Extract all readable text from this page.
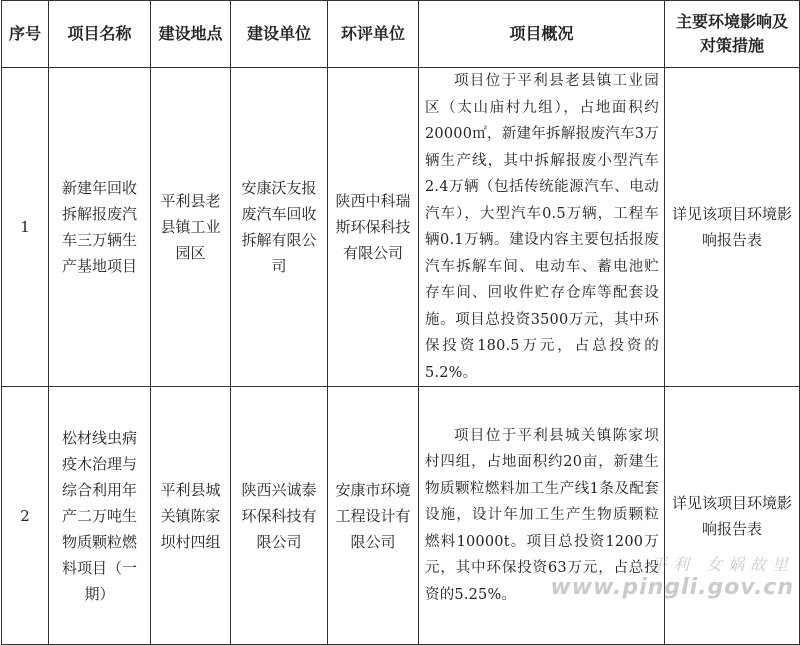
序号	项目名称	建设地点	建设单位	环评单位	项目概况	主要环境影响及对策措施
1	新建年回收拆解报废汽车三万辆生产基地项目	平利县老县镇工业园区	安康沃友报废汽车回收拆解有限公司	陕西中科瑞斯环保科技有限公司	项目位于平利县老县镇工业园区（太山庙村九组），占地面积约20000㎡，新建年拆解报废汽车3万辆生产线，其中拆解报废小型汽车2.4万辆（包括传统能源汽车、电动汽车），大型汽车0.5万辆，工程车辆0.1万辆。建设内容主要包括报废汽车拆解车间、电动车、蓄电池贮存车间、回收件贮存仓库等配套设施。项目总投资3500万元，其中环保投资180.5万元，占总投资的5.2%。	详见该项目环境影响报告表
2	松材线虫病疫木治理与综合利用年产二万吨生物质颗粒燃料项目（一期）	平利县城关镇陈家坝村四组	陕西兴诚泰环保科技有限公司	安康市环境工程设计有限公司	项目位于平利县城关镇陈家坝村四组，占地面积约20亩，新建生物质颗粒燃料加工生产线1条及配套设施，设计年加工生产生物质颗粒燃料10000t。项目总投资1200万元，其中环保投资63万元，占总投资的5.25%。	详见该项目环境影响报告表
平利 女娲故里
www.pingli.gov.cn
